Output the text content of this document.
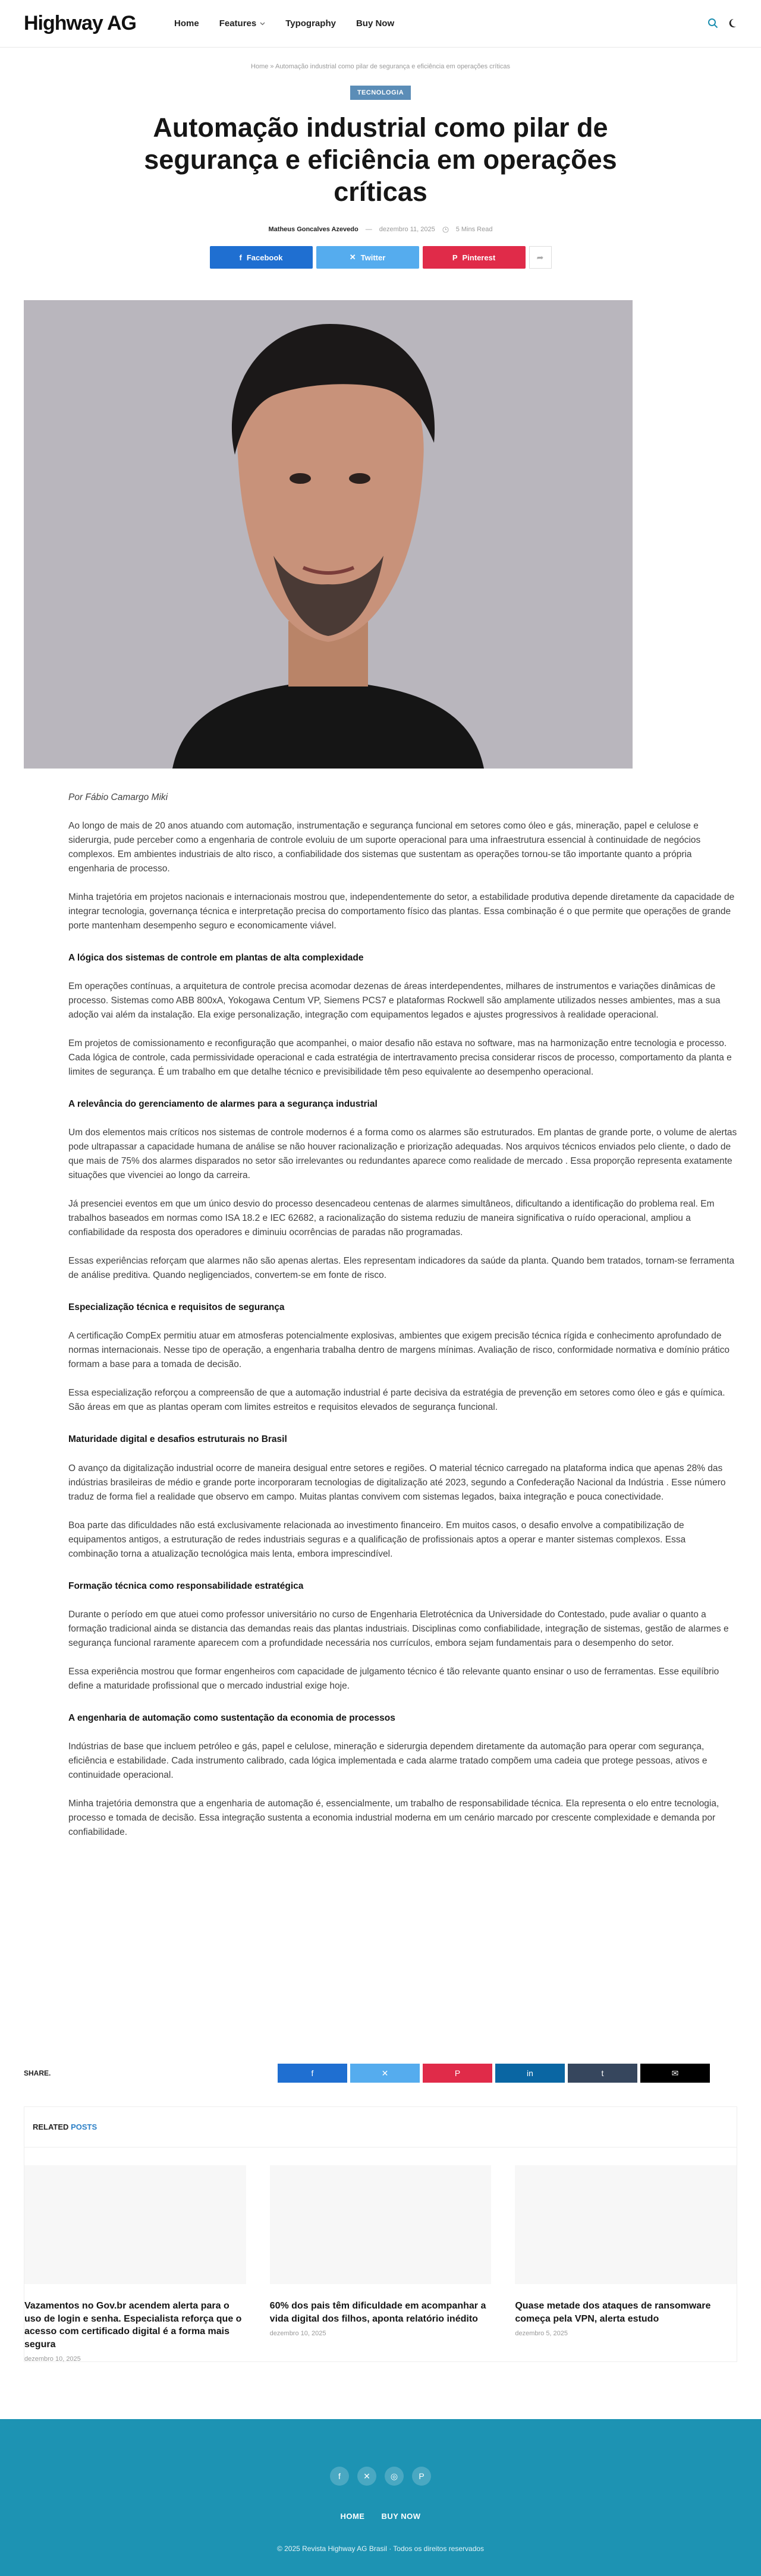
Highway AG	Home Features	Typography Buy Now
Home » Automação industrial como pilar de segurança e eficiência em operações críticas
TECNOLOGIA
Automação industrial como pilar de segurança e eficiência em operações críticas
Matheus Goncalves Azevedo — dezembro 11, 2025	5 Mins Read
f Facebook	✕ Twitter	P Pinterest	➦

Por Fábio Camargo Miki

Ao longo de mais de 20 anos atuando com automação, instrumentação e segurança funcional em setores como óleo e gás, mineração, papel e celulose e siderurgia, pude perceber como a engenharia de controle evoluiu de um suporte operacional para uma infraestrutura essencial à continuidade de negócios complexos. Em ambientes industriais de alto risco, a confiabilidade dos sistemas que sustentam as operações tornou-se tão importante quanto a própria engenharia de processo.

Minha trajetória em projetos nacionais e internacionais mostrou que, independentemente do setor, a estabilidade produtiva depende diretamente da capacidade de integrar tecnologia, governança técnica e interpretação precisa do comportamento físico das plantas. Essa combinação é o que permite que operações de grande porte mantenham desempenho seguro e economicamente viável.

A lógica dos sistemas de controle em plantas de alta complexidade

Em operações contínuas, a arquitetura de controle precisa acomodar dezenas de áreas interdependentes, milhares de instrumentos e variações dinâmicas de processo. Sistemas como ABB 800xA, Yokogawa Centum VP, Siemens PCS7 e plataformas Rockwell são amplamente utilizados nesses ambientes, mas a sua adoção vai além da instalação. Ela exige personalização, integração com equipamentos legados e ajustes progressivos à realidade operacional.

Em projetos de comissionamento e reconfiguração que acompanhei, o maior desafio não estava no software, mas na harmonização entre tecnologia e processo. Cada lógica de controle, cada permissividade operacional e cada estratégia de intertravamento precisa considerar riscos de processo, comportamento da planta e limites de segurança. É um trabalho em que detalhe técnico e previsibilidade têm peso equivalente ao desempenho operacional.

A relevância do gerenciamento de alarmes para a segurança industrial

Um dos elementos mais críticos nos sistemas de controle modernos é a forma como os alarmes são estruturados. Em plantas de grande porte, o volume de alertas pode ultrapassar a capacidade humana de análise se não houver racionalização e priorização adequadas. Nos arquivos técnicos enviados pelo cliente, o dado de que mais de 75% dos alarmes disparados no setor são irrelevantes ou redundantes aparece como realidade de mercado . Essa proporção representa exatamente situações que vivenciei ao longo da carreira.

Já presenciei eventos em que um único desvio do processo desencadeou centenas de alarmes simultâneos, dificultando a identificação do problema real. Em trabalhos baseados em normas como ISA 18.2 e IEC 62682, a racionalização do sistema reduziu de maneira significativa o ruído operacional, ampliou a confiabilidade da resposta dos operadores e diminuiu ocorrências de paradas não programadas.

Essas experiências reforçam que alarmes não são apenas alertas. Eles representam indicadores da saúde da planta. Quando bem tratados, tornam-se ferramenta de análise preditiva. Quando negligenciados, convertem-se em fonte de risco.

Especialização técnica e requisitos de segurança

A certificação CompEx permitiu atuar em atmosferas potencialmente explosivas, ambientes que exigem precisão técnica rígida e conhecimento aprofundado de normas internacionais. Nesse tipo de operação, a engenharia trabalha dentro de margens mínimas. Avaliação de risco, conformidade normativa e domínio prático formam a base para a tomada de decisão.

Essa especialização reforçou a compreensão de que a automação industrial é parte decisiva da estratégia de prevenção em setores como óleo e gás e química. São áreas em que as plantas operam com limites estreitos e requisitos elevados de segurança funcional.

Maturidade digital e desafios estruturais no Brasil

O avanço da digitalização industrial ocorre de maneira desigual entre setores e regiões. O material técnico carregado na plataforma indica que apenas 28% das indústrias brasileiras de médio e grande porte incorporaram tecnologias de digitalização até 2023, segundo a Confederação Nacional da Indústria . Esse número traduz de forma fiel a realidade que observo em campo. Muitas plantas convivem com sistemas legados, baixa integração e pouca conectividade.

Boa parte das dificuldades não está exclusivamente relacionada ao investimento financeiro. Em muitos casos, o desafio envolve a compatibilização de equipamentos antigos, a estruturação de redes industriais seguras e a qualificação de profissionais aptos a operar e manter sistemas complexos. Essa combinação torna a atualização tecnológica mais lenta, embora imprescindível.

Formação técnica como responsabilidade estratégica

Durante o período em que atuei como professor universitário no curso de Engenharia Eletrotécnica da Universidade do Contestado, pude avaliar o quanto a formação tradicional ainda se distancia das demandas reais das plantas industriais. Disciplinas como confiabilidade, integração de sistemas, gestão de alarmes e segurança funcional raramente aparecem com a profundidade necessária nos currículos, embora sejam fundamentais para o desempenho do setor.

Essa experiência mostrou que formar engenheiros com capacidade de julgamento técnico é tão relevante quanto ensinar o uso de ferramentas. Esse equilíbrio define a maturidade profissional que o mercado industrial exige hoje.

A engenharia de automação como sustentação da economia de processos

Indústrias de base que incluem petróleo e gás, papel e celulose, mineração e siderurgia dependem diretamente da automação para operar com segurança, eficiência e estabilidade. Cada instrumento calibrado, cada lógica implementada e cada alarme tratado compõem uma cadeia que protege pessoas, ativos e continuidade operacional.

Minha trajetória demonstra que a engenharia de automação é, essencialmente, um trabalho de responsabilidade técnica. Ela representa o elo entre tecnologia, processo e tomada de decisão. Essa integração sustenta a economia industrial moderna em um cenário marcado por crescente complexidade e demanda por confiabilidade.

SHARE.	f	✕	P	in	t	✉
RELATED POSTS
Vazamentos no Gov.br acendem alerta para o uso de login e senha. Especialista reforça que o acesso com certificado digital é a forma mais segura
dezembro 10, 2025
60% dos pais têm dificuldade em acompanhar a vida digital dos filhos, aponta relatório inédito
dezembro 10, 2025
Quase metade dos ataques de ransomware começa pela VPN, alerta estudo
dezembro 5, 2025
f	✕	◎	P
HOME BUY NOW
© 2025 Revista Highway AG Brasil · Todos os direitos reservados
